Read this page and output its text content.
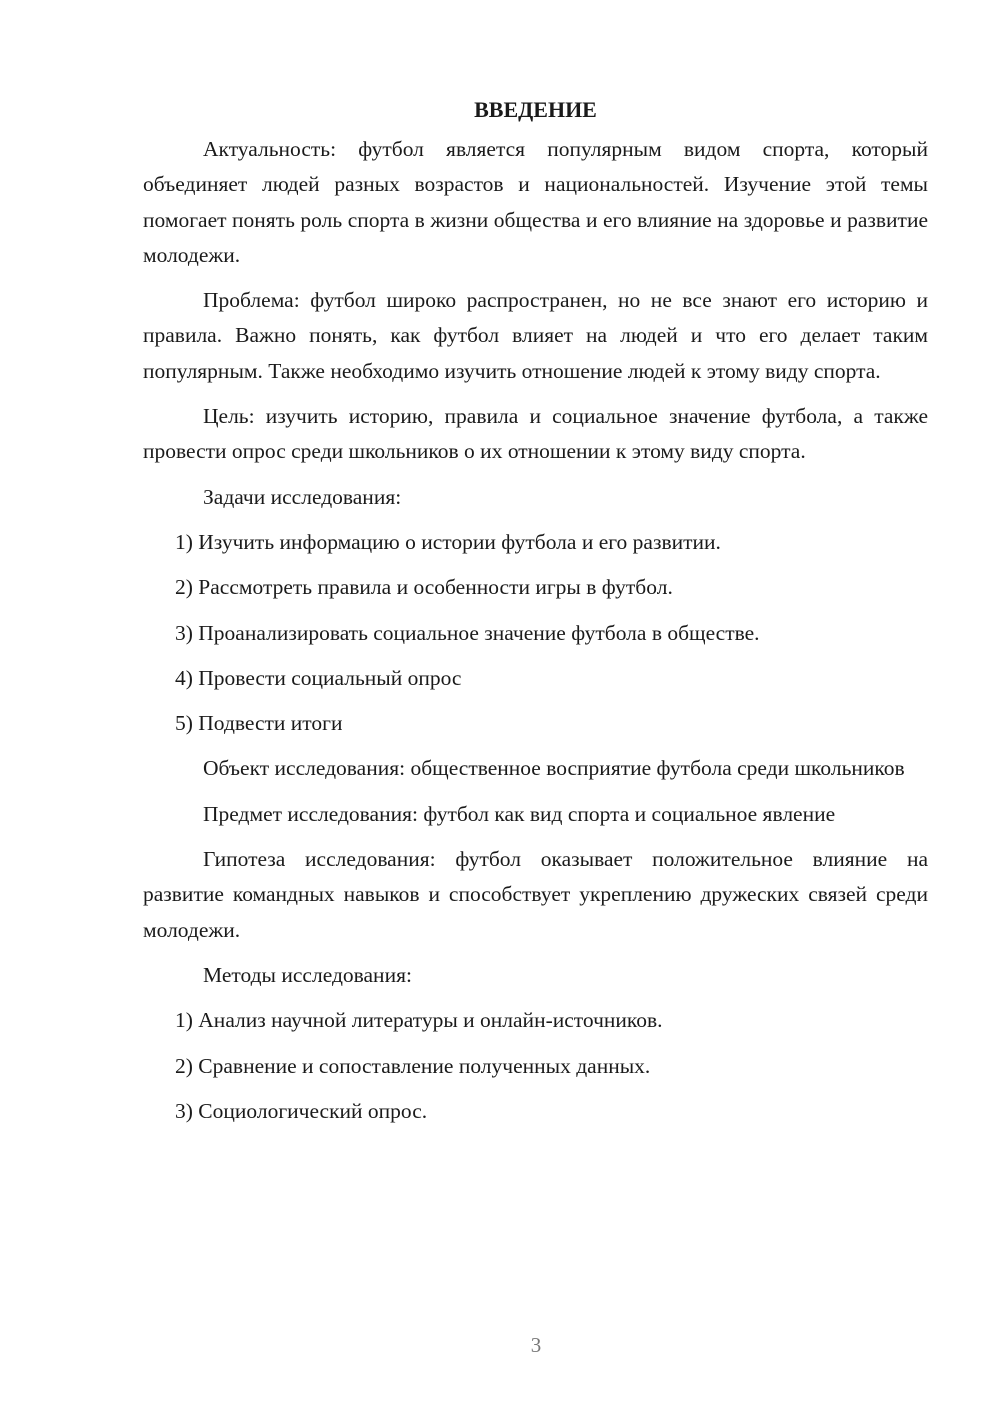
ВВЕДЕНИЕ

Актуальность: футбол является популярным видом спорта, который объединяет людей разных возрастов и национальностей. Изучение этой темы помогает понять роль спорта в жизни общества и его влияние на здоровье и развитие молодежи.

Проблема: футбол широко распространен, но не все знают его историю и правила. Важно понять, как футбол влияет на людей и что его делает таким популярным. Также необходимо изучить отношение людей к этому виду спорта.

Цель: изучить историю, правила и социальное значение футбола, а также провести опрос среди школьников о их отношении к этому виду спорта.

Задачи исследования:

1) Изучить информацию о истории футбола и его развитии.

2) Рассмотреть правила и особенности игры в футбол.

3) Проанализировать социальное значение футбола в обществе.

4) Провести социальный опрос

5) Подвести итоги

Объект исследования: общественное восприятие футбола среди школьников

Предмет исследования: футбол как вид спорта и социальное явление

Гипотеза исследования: футбол оказывает положительное влияние на развитие командных навыков и способствует укреплению дружеских связей среди молодежи.

Методы исследования:

1) Анализ научной литературы и онлайн-источников.

2) Сравнение и сопоставление полученных данных.

3) Социологический опрос.

3
